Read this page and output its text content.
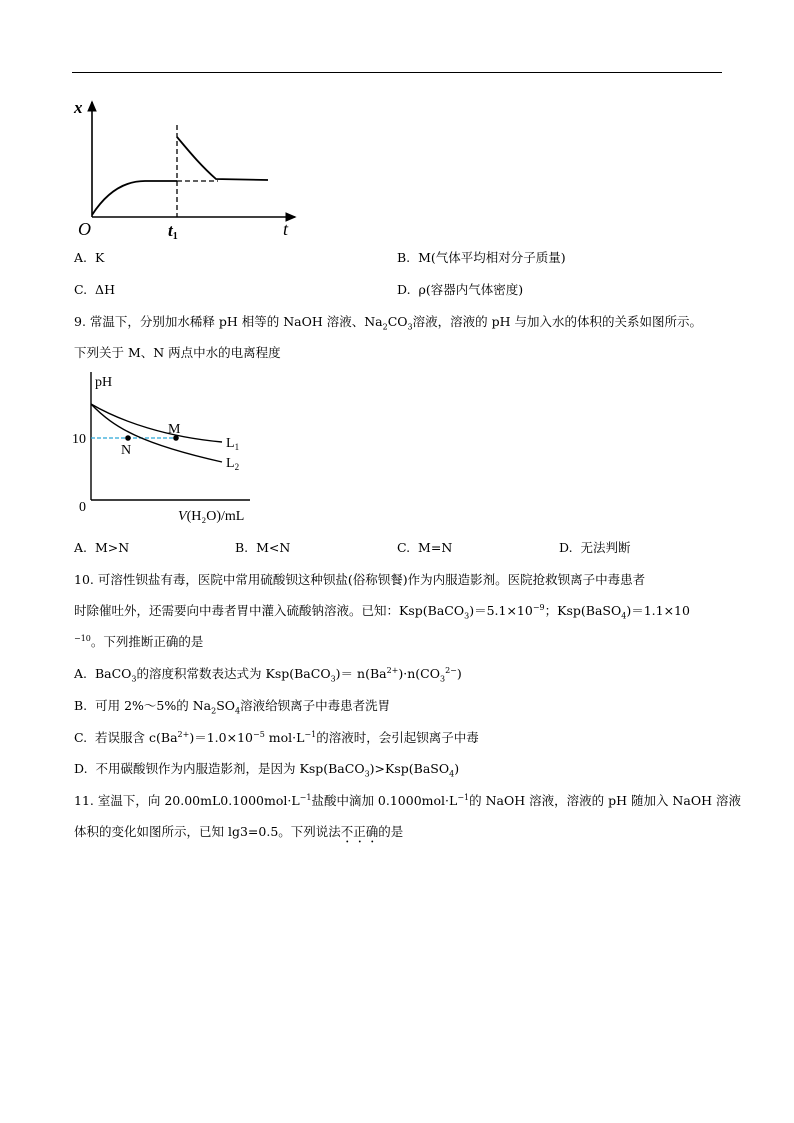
x
O	t1	t
A. K	B. M(气体平均相对分子质量)
C. ΔH	D. ρ(容器内气体密度)
9. 常温下，分别加水稀释 pH 相等的 NaOH 溶液、$Na_2CO_3$溶液，溶液的 pH 与加入水的体积的关系如图所示。
下列关于 M、N 两点中水的电离程度
pH
10
0
M
N	$L_1$
$L_2$
V(H₂O)/mL
A. M>N	B. M<N	C. M=N	D. 无法判断
10. 可溶性钡盐有毒，医院中常用硫酸钡这种钡盐(俗称钡餐)作为内服造影剂。医院抢救钡离子中毒患者
时除催吐外，还需要向中毒者胃中灌入硫酸钠溶液。已知：$Ksp(BaCO_3)=5.1\times 10^{-9}$；Ksp(BaSO$_4$)＝1.1×10
$^{-10}$。下列推断正确的是
A. BaCO$_3$的溶度积常数表达式为 Ksp(BaCO$_3$)＝ $n(Ba^{2+})\cdot n(CO_3^{2-})$
B. 可用 2%～5%的 $Na_2SO_4$溶液给钡离子中毒患者洗胃
C. 若误服含 $c(Ba^{2+})=1.0\times 10^{-5}$ $mol\cdot L^{-1}$的溶液时，会引起钡离子中毒
D. 不用碳酸钡作为内服造影剂，是因为 Ksp(BaCO$_3$)>Ksp(BaSO$_4$)
11. 室温下，向 $20.00mL0.1000mol\cdot L^{-1}$盐酸中滴加 $0.1000mol\cdot L^{-1}$的 NaOH 溶液，溶液的 pH 随加入 NaOH 溶液
体积的变化如图所示，已知 lg3=0.5。下列说法不正确的是
